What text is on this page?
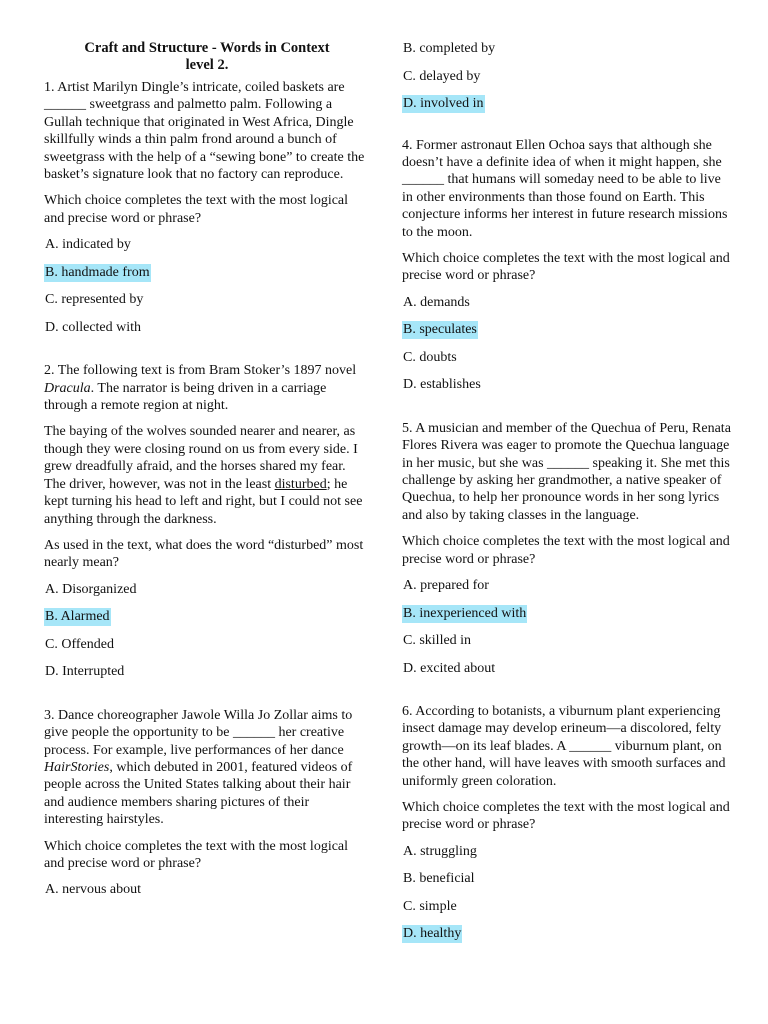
Craft and Structure - Words in Context
level 2.

1. Artist Marilyn Dingle’s intricate, coiled baskets are ______ sweetgrass and palmetto palm. Following a Gullah technique that originated in West Africa, Dingle skillfully winds a thin palm frond around a bunch of sweetgrass with the help of a “sewing bone” to create the basket’s signature look that no factory can reproduce.

Which choice completes the text with the most logical and precise word or phrase?

A. indicated by
B. handmade from
C. represented by
D. collected with

2. The following text is from Bram Stoker’s 1897 novel Dracula. The narrator is being driven in a carriage through a remote region at night.

The baying of the wolves sounded nearer and nearer, as though they were closing round on us from every side. I grew dreadfully afraid, and the horses shared my fear. The driver, however, was not in the least disturbed; he kept turning his head to left and right, but I could not see anything through the darkness.

As used in the text, what does the word “disturbed” most nearly mean?

A. Disorganized
B. Alarmed
C. Offended
D. Interrupted

3. Dance choreographer Jawole Willa Jo Zollar aims to give people the opportunity to be ______ her creative process. For example, live performances of her dance HairStories, which debuted in 2001, featured videos of people across the United States talking about their hair and audience members sharing pictures of their interesting hairstyles.

Which choice completes the text with the most logical and precise word or phrase?

A. nervous about
B. completed by
C. delayed by
D. involved in

4. Former astronaut Ellen Ochoa says that although she doesn’t have a definite idea of when it might happen, she ______ that humans will someday need to be able to live in other environments than those found on Earth. This conjecture informs her interest in future research missions to the moon.

Which choice completes the text with the most logical and precise word or phrase?

A. demands
B. speculates
C. doubts
D. establishes

5. A musician and member of the Quechua of Peru, Renata Flores Rivera was eager to promote the Quechua language in her music, but she was ______ speaking it. She met this challenge by asking her grandmother, a native speaker of Quechua, to help her pronounce words in her song lyrics and also by taking classes in the language.

Which choice completes the text with the most logical and precise word or phrase?

A. prepared for
B. inexperienced with
C. skilled in
D. excited about

6. According to botanists, a viburnum plant experiencing insect damage may develop erineum—a discolored, felty growth—on its leaf blades. A ______ viburnum plant, on the other hand, will have leaves with smooth surfaces and uniformly green coloration.

Which choice completes the text with the most logical and precise word or phrase?

A. struggling
B. beneficial
C. simple
D. healthy
